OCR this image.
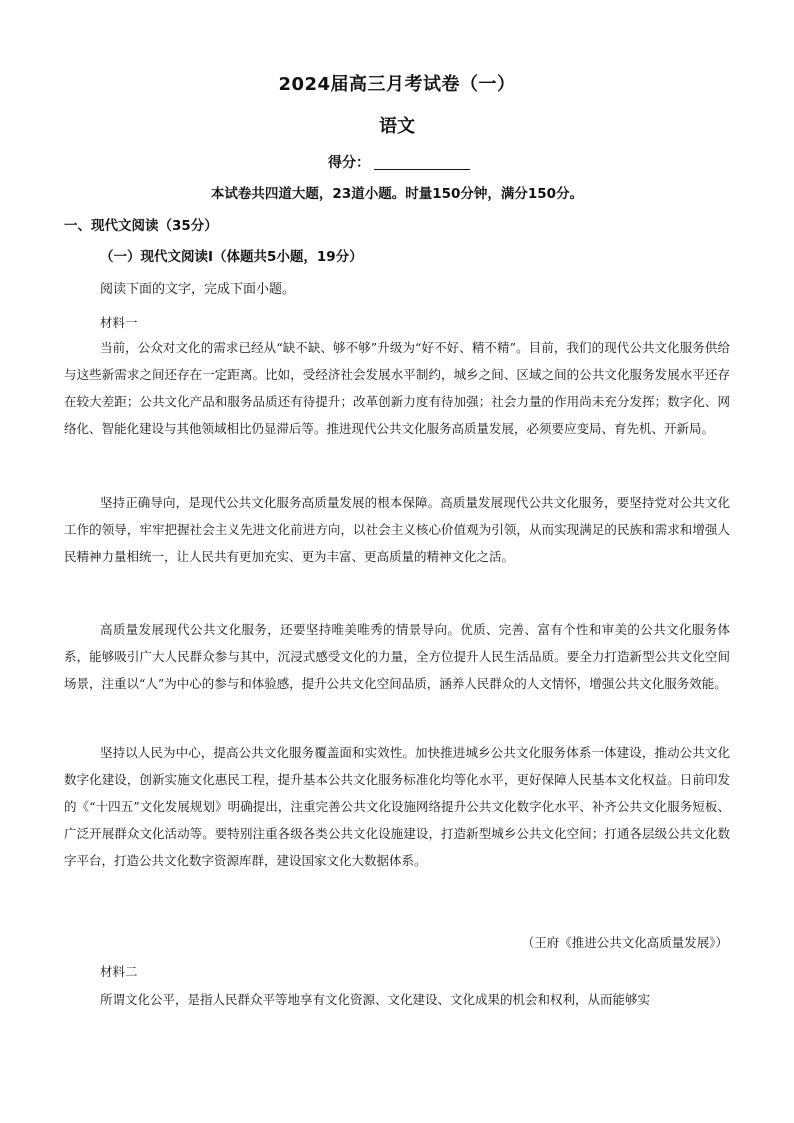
2024届高三月考试卷（一）
语文
得分：
本试卷共四道大题，23道小题。时量150分钟，满分150分。
一、现代文阅读（35分）
（一）现代文阅读Ⅰ（体题共5小题，19分）
阅读下面的文字，完成下面小题。
材料一
当前，公众对文化的需求已经从“缺不缺、够不够”升级为“好不好、精不精”。目前，我们的现代公共文化服务供给与这些新需求之间还存在一定距离。比如，受经济社会发展水平制约，城乡之间、区域之间的公共文化服务发展水平还存在较大差距；公共文化产品和服务品质还有待提升；改革创新力度有待加强；社会力量的作用尚未充分发挥；数字化、网络化、智能化建设与其他领域相比仍显滞后等。推进现代公共文化服务高质量发展，必须要应变局、育先机、开新局。
坚持正确导向，是现代公共文化服务高质量发展的根本保障。高质量发展现代公共文化服务，要坚持党对公共文化工作的领导，牢牢把握社会主义先进文化前进方向，以社会主义核心价值观为引领，从而实现满足的民族和需求和增强人民精神力量相统一，让人民共有更加充实、更为丰富、更高质量的精神文化之活。
高质量发展现代公共文化服务，还要坚持唯美唯秀的情景导向。优质、完善、富有个性和审美的公共文化服务体系，能够吸引广大人民群众参与其中，沉浸式感受文化的力量，全方位提升人民生活品质。要全力打造新型公共文化空间场景，注重以“人”为中心的参与和体验感，提升公共文化空间品质，涵养人民群众的人文情怀，增强公共文化服务效能。
坚持以人民为中心，提高公共文化服务覆盖面和实效性。加快推进城乡公共文化服务体系一体建设，推动公共文化数字化建设，创新实施文化惠民工程，提升基本公共文化服务标准化均等化水平，更好保障人民基本文化权益。日前印发的《“十四五”文化发展规划》明确提出，注重完善公共文化设施网络提升公共文化数字化水平、补齐公共文化服务短板、广泛开展群众文化活动等。要特别注重各级各类公共文化设施建设，打造新型城乡公共文化空间；打通各层级公共文化数字平台，打造公共文化数字资源库群，建设国家文化大数据体系。
（王府《推进公共文化高质量发展》）
材料二
所谓文化公平，是指人民群众平等地享有文化资源、文化建设、文化成果的机会和权利，从而能够实
